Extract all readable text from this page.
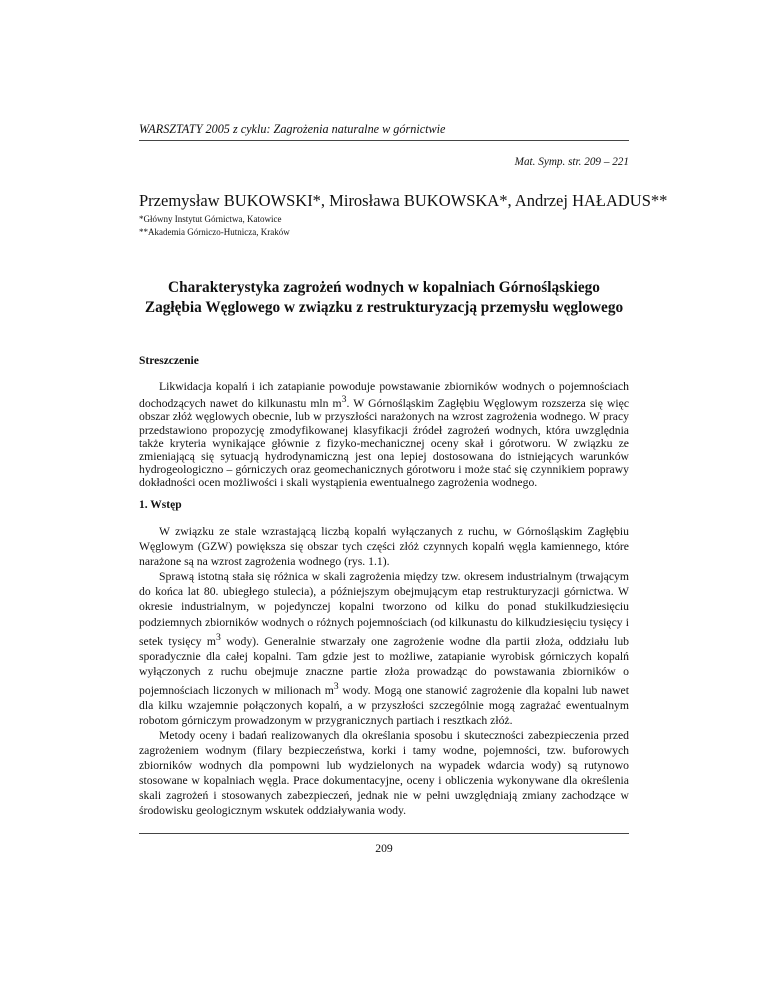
WARSZTATY 2005 z cyklu: Zagrożenia naturalne w górnictwie
Mat. Symp. str. 209 – 221
Przemysław BUKOWSKI*, Mirosława BUKOWSKA*, Andrzej HAŁADUS**
*Główny Instytut Górnictwa, Katowice
**Akademia Górniczo-Hutnicza, Kraków
Charakterystyka zagrożeń wodnych w kopalniach Górnośląskiego Zagłębia Węglowego w związku z restrukturyzacją przemysłu węglowego
Streszczenie

Likwidacja kopalń i ich zatapianie powoduje powstawanie zbiorników wodnych o pojemnościach dochodzących nawet do kilkunastu mln $m^3$. W Górnośląskim Zagłębiu Węglowym rozszerza się więc obszar złóż węglowych obecnie, lub w przyszłości narażonych na wzrost zagrożenia wodnego. W pracy przedstawiono propozycję zmodyfikowanej klasyfikacji źródeł zagrożeń wodnych, która uwzględnia także kryteria wynikające głównie z fizyko-mechanicznej oceny skał i górotworu. W związku ze zmieniającą się sytuacją hydrodynamiczną jest ona lepiej dostosowana do istniejących warunków hydrogeologiczno – górniczych oraz geomechanicznych górotworu i może stać się czynnikiem poprawy dokładności ocen możliwości i skali wystąpienia ewentualnego zagrożenia wodnego.

1. Wstęp

W związku ze stale wzrastającą liczbą kopalń wyłączanych z ruchu, w Górnośląskim Zagłębiu Węglowym (GZW) powiększa się obszar tych części złóż czynnych kopalń węgla kamiennego, które narażone są na wzrost zagrożenia wodnego (rys. 1.1).

Sprawą istotną stała się różnica w skali zagrożenia między tzw. okresem industrialnym (trwającym do końca lat 80. ubiegłego stulecia), a późniejszym obejmującym etap restrukturyzacji górnictwa. W okresie industrialnym, w pojedynczej kopalni tworzono od kilku do ponad stukilkudziesięciu podziemnych zbiorników wodnych o różnych pojemnościach (od kilkunastu do kilkudziesięciu tysięcy i setek tysięcy $m^3$ wody). Generalnie stwarzały one zagrożenie wodne dla partii złoża, oddziału lub sporadycznie dla całej kopalni. Tam gdzie jest to możliwe, zatapianie wyrobisk górniczych kopalń wyłączonych z ruchu obejmuje znaczne partie złoża prowadząc do powstawania zbiorników o pojemnościach liczonych w milionach $m^3$ wody. Mogą one stanowić zagrożenie dla kopalni lub nawet dla kilku wzajemnie połączonych kopalń, a w przyszłości szczególnie mogą zagrażać ewentualnym robotom górniczym prowadzonym w przygranicznych partiach i resztkach złóż.

Metody oceny i badań realizowanych dla określania sposobu i skuteczności zabezpieczenia przed zagrożeniem wodnym (filary bezpieczeństwa, korki i tamy wodne, pojemności, tzw. buforowych zbiorników wodnych dla pompowni lub wydzielonych na wypadek wdarcia wody) są rutynowo stosowane w kopalniach węgla. Prace dokumentacyjne, oceny i obliczenia wykonywane dla określenia skali zagrożeń i stosowanych zabezpieczeń, jednak nie w pełni uwzględniają zmiany zachodzące w środowisku geologicznym wskutek oddziaływania wody.

209
